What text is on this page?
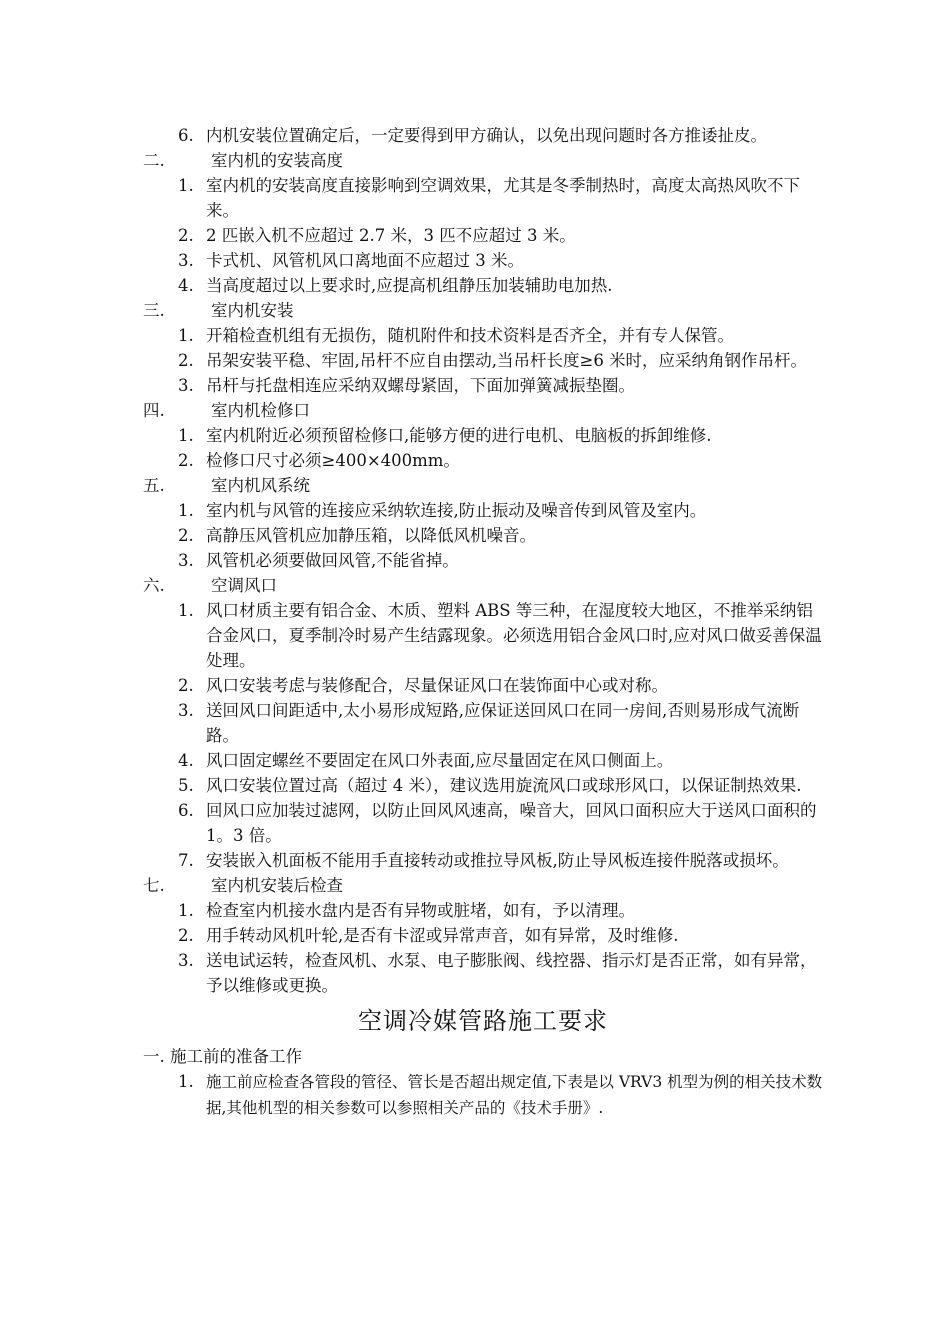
6. 内机安装位置确定后，一定要得到甲方确认，以免出现问题时各方推诿扯皮。
二.	室内机的安装高度
1. 室内机的安装高度直接影响到空调效果，尤其是冬季制热时，高度太高热风吹不下来。
2. 2 匹嵌入机不应超过 2.7 米，3 匹不应超过 3 米。
3. 卡式机、风管机风口离地面不应超过 3 米。
4. 当高度超过以上要求时,应提高机组静压加装辅助电加热.
三.	室内机安装
1. 开箱检查机组有无损伤，随机附件和技术资料是否齐全，并有专人保管。
2. 吊架安装平稳、牢固,吊杆不应自由摆动,当吊杆长度≥6 米时，应采纳角钢作吊杆。
3. 吊杆与托盘相连应采纳双螺母紧固，下面加弹簧减振垫圈。
四.	室内机检修口
1. 室内机附近必须预留检修口,能够方便的进行电机、电脑板的拆卸维修.
2. 检修口尺寸必须≥400×400mm。
五.	室内机风系统
1. 室内机与风管的连接应采纳软连接,防止振动及噪音传到风管及室内。
2. 高静压风管机应加静压箱，以降低风机噪音。
3. 风管机必须要做回风管,不能省掉。
六.	空调风口
1. 风口材质主要有铝合金、木质、塑料 ABS 等三种，在湿度较大地区，不推举采纳铝合金风口，夏季制冷时易产生结露现象。必须选用铝合金风口时,应对风口做妥善保温处理。
2. 风口安装考虑与装修配合，尽量保证风口在装饰面中心或对称。
3. 送回风口间距适中,太小易形成短路,应保证送回风口在同一房间,否则易形成气流断路。
4. 风口固定螺丝不要固定在风口外表面,应尽量固定在风口侧面上。
5. 风口安装位置过高（超过 4 米），建议选用旋流风口或球形风口，以保证制热效果.
6. 回风口应加装过滤网，以防止回风风速高，噪音大，回风口面积应大于送风口面积的 1。3 倍。
7. 安装嵌入机面板不能用手直接转动或推拉导风板,防止导风板连接件脱落或损坏。
七.	室内机安装后检查
1. 检查室内机接水盘内是否有异物或脏堵，如有，予以清理。
2. 用手转动风机叶轮,是否有卡涩或异常声音，如有异常，及时维修.
3. 送电试运转，检查风机、水泵、电子膨胀阀、线控器、指示灯是否正常，如有异常，予以维修或更换。
空调冷媒管路施工要求
一. 施工前的准备工作
1. 施工前应检查各管段的管径、管长是否超出规定值,下表是以 VRV3 机型为例的相关技术数据,其他机型的相关参数可以参照相关产品的《技术手册》.
